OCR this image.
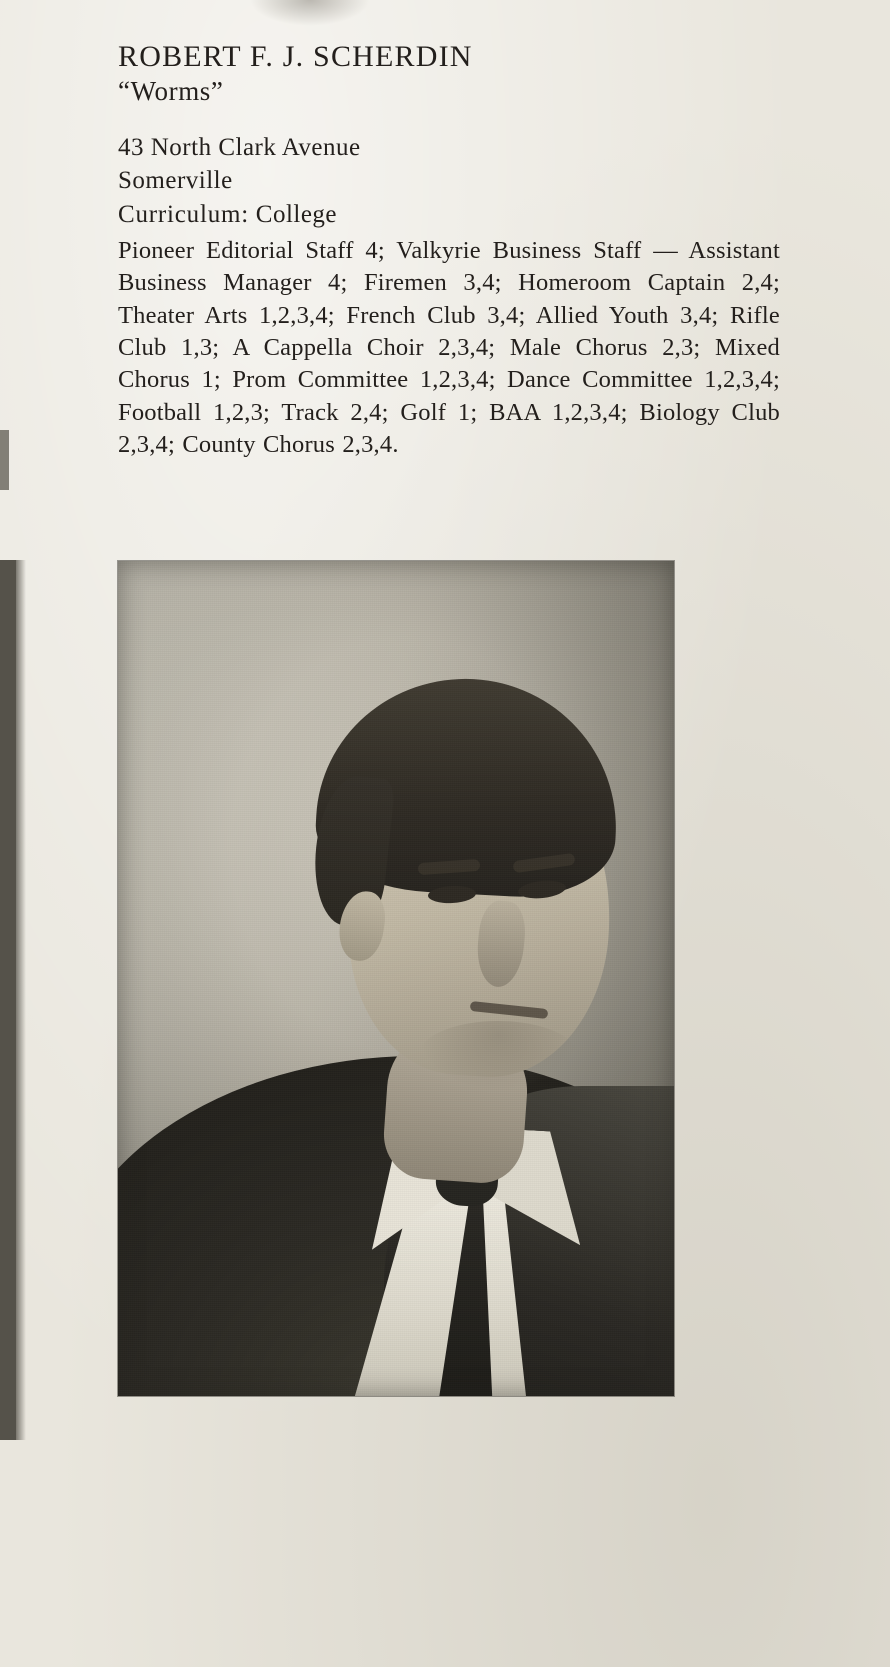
ROBERT F. J. SCHERDIN
“Worms”
43 North Clark Avenue
Somerville
Curriculum: College
Pioneer Editorial Staff 4; Valkyrie Business Staff — Assistant Business Manager 4; Firemen 3,4; Homeroom Captain 2,4; Theater Arts 1,2,3,4; French Club 3,4; Allied Youth 3,4; Rifle Club 1,3; A Cappella Choir 2,3,4; Male Chorus 2,3; Mixed Chorus 1; Prom Committee 1,2,3,4; Dance Committee 1,2,3,4; Football 1,2,3; Track 2,4; Golf 1; BAA 1,2,3,4; Biology Club 2,3,4; County Chorus 2,3,4.
